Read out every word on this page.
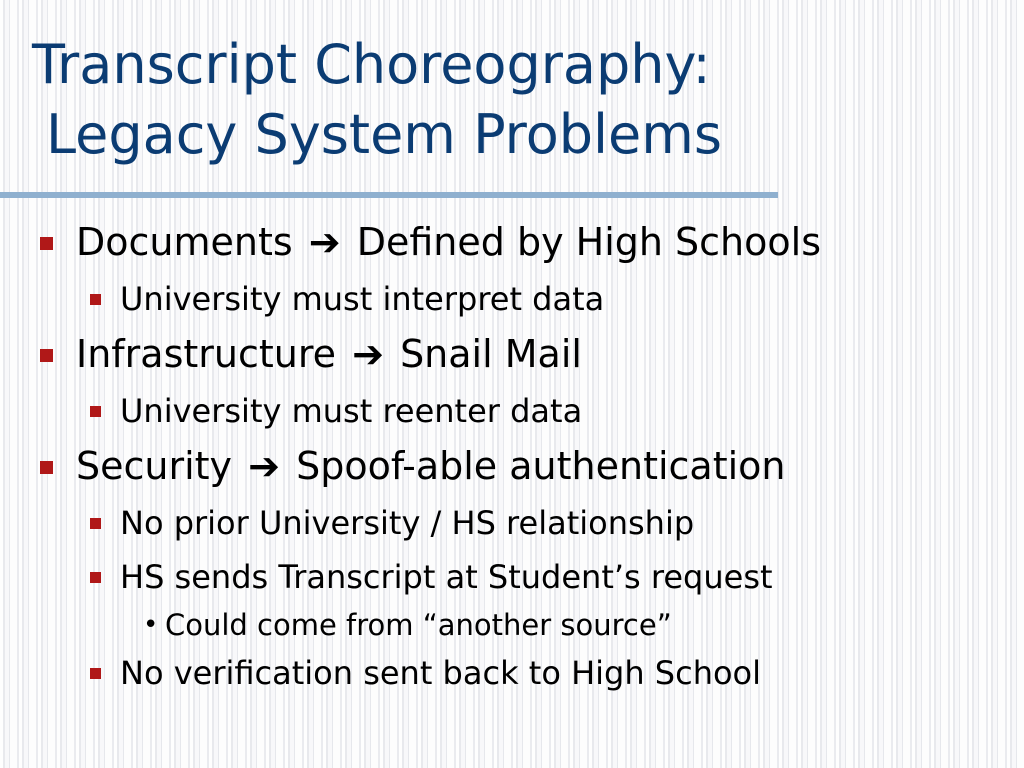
Transcript Choreography:
Legacy System Problems
Documents ➔ Defined by High Schools
University must interpret data
Infrastructure ➔ Snail Mail
University must reenter data
Security ➔ Spoof-able authentication
No prior University / HS relationship
HS sends Transcript at Student’s request
• Could come from “another source”
No verification sent back to High School
